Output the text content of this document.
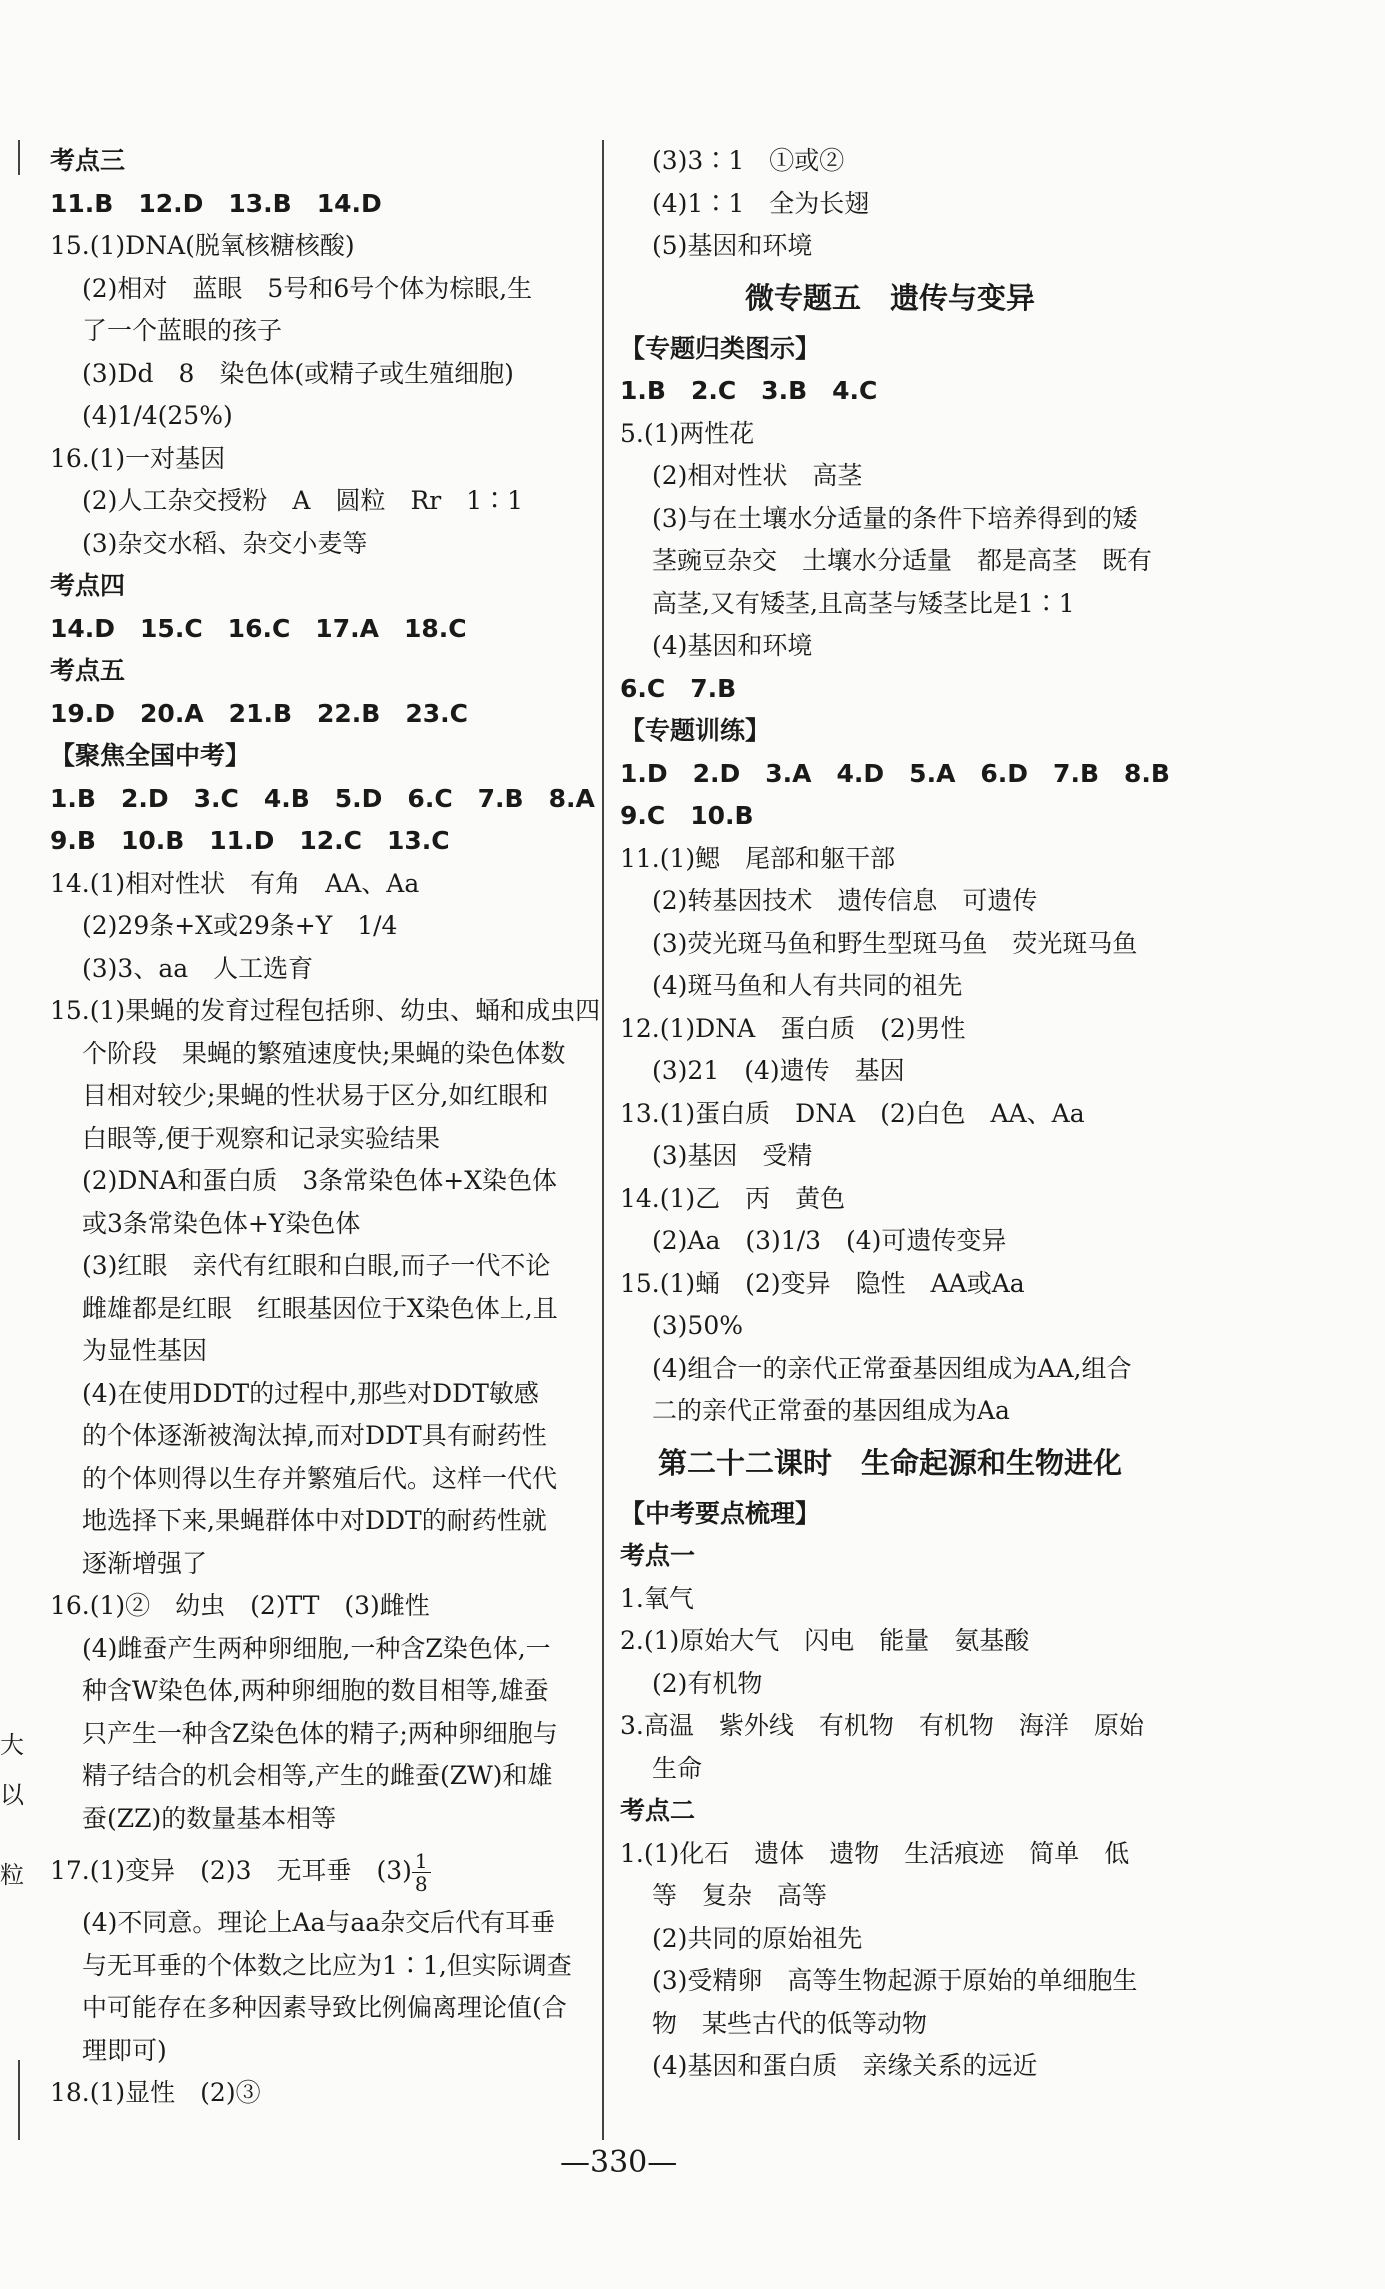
大
以
粒
考点三
11.B　12.D　13.B　14.D
15.(1)DNA(脱氧核糖核酸)
(2)相对　蓝眼　5号和6号个体为棕眼,生
了一个蓝眼的孩子
(3)Dd　8　染色体(或精子或生殖细胞)
(4)1/4(25%)
16.(1)一对基因
(2)人工杂交授粉　A　圆粒　Rr　1∶1
(3)杂交水稻、杂交小麦等
考点四
14.D　15.C　16.C　17.A　18.C
考点五
19.D　20.A　21.B　22.B　23.C
【聚焦全国中考】
1.B　2.D　3.C　4.B　5.D　6.C　7.B　8.A
9.B　10.B　11.D　12.C　13.C
14.(1)相对性状　有角　AA、Aa
(2)29条+X或29条+Y　1/4
(3)3、aa　人工选育
15.(1)果蝇的发育过程包括卵、幼虫、蛹和成虫四
个阶段　果蝇的繁殖速度快;果蝇的染色体数
目相对较少;果蝇的性状易于区分,如红眼和
白眼等,便于观察和记录实验结果
(2)DNA和蛋白质　3条常染色体+X染色体
或3条常染色体+Y染色体
(3)红眼　亲代有红眼和白眼,而子一代不论
雌雄都是红眼　红眼基因位于X染色体上,且
为显性基因
(4)在使用DDT的过程中,那些对DDT敏感
的个体逐渐被淘汰掉,而对DDT具有耐药性
的个体则得以生存并繁殖后代。这样一代代
地选择下来,果蝇群体中对DDT的耐药性就
逐渐增强了
16.(1)②　幼虫　(2)TT　(3)雌性
(4)雌蚕产生两种卵细胞,一种含Z染色体,一
种含W染色体,两种卵细胞的数目相等,雄蚕
只产生一种含Z染色体的精子;两种卵细胞与
精子结合的机会相等,产生的雌蚕(ZW)和雄
蚕(ZZ)的数量基本相等
17.(1)变异　(2)3　无耳垂　$(3) \frac{1}{8}$
(4)不同意。理论上Aa与aa杂交后代有耳垂
与无耳垂的个体数之比应为1∶1,但实际调查
中可能存在多种因素导致比例偏离理论值(合
理即可)
18.(1)显性　(2)③
(3)3∶1　①或②
(4)1∶1　全为长翅
(5)基因和环境
微专题五　遗传与变异
【专题归类图示】
1.B　2.C　3.B　4.C
5.(1)两性花
(2)相对性状　高茎
(3)与在土壤水分适量的条件下培养得到的矮
茎豌豆杂交　土壤水分适量　都是高茎　既有
高茎,又有矮茎,且高茎与矮茎比是1∶1
(4)基因和环境
6.C　7.B
【专题训练】
1.D　2.D　3.A　4.D　5.A　6.D　7.B　8.B
9.C　10.B
11.(1)鳃　尾部和躯干部
(2)转基因技术　遗传信息　可遗传
(3)荧光斑马鱼和野生型斑马鱼　荧光斑马鱼
(4)斑马鱼和人有共同的祖先
12.(1)DNA　蛋白质　(2)男性
(3)21　(4)遗传　基因
13.(1)蛋白质　DNA　(2)白色　AA、Aa
(3)基因　受精
14.(1)乙　丙　黄色
(2)Aa　(3)1/3　(4)可遗传变异
15.(1)蛹　(2)变异　隐性　AA或Aa
(3)50%
(4)组合一的亲代正常蚕基因组成为AA,组合
二的亲代正常蚕的基因组成为Aa
第二十二课时　生命起源和生物进化
【中考要点梳理】
考点一
1.氧气
2.(1)原始大气　闪电　能量　氨基酸
(2)有机物
3.高温　紫外线　有机物　有机物　海洋　原始
生命
考点二
1.(1)化石　遗体　遗物　生活痕迹　简单　低
等　复杂　高等
(2)共同的原始祖先
(3)受精卵　高等生物起源于原始的单细胞生
物　某些古代的低等动物
(4)基因和蛋白质　亲缘关系的远近
—330—
